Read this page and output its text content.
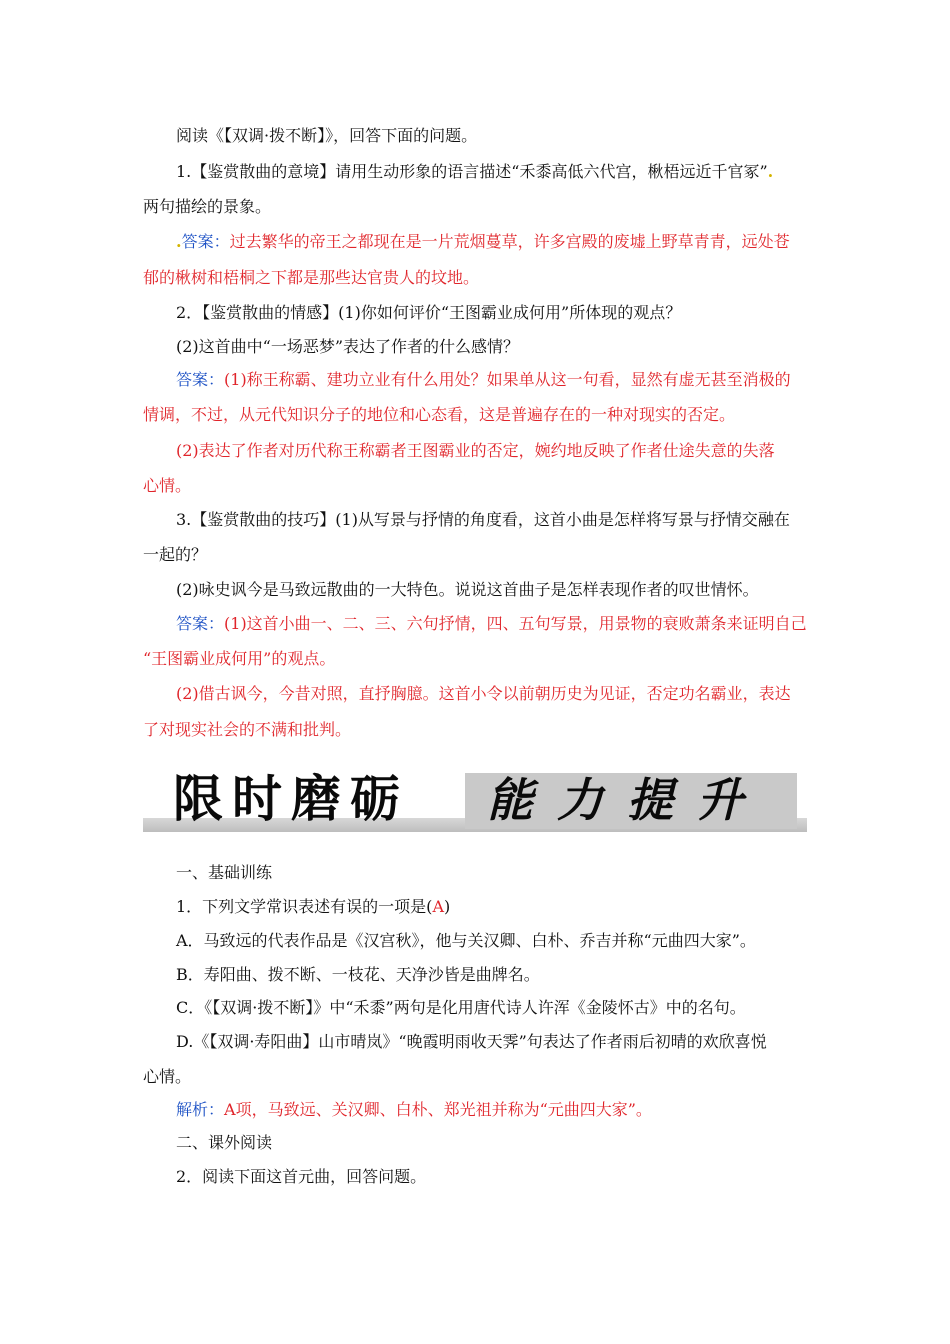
阅读《【双调·拨不断】》，回答下面的问题。
1.【鉴赏散曲的意境】请用生动形象的语言描述“禾黍高低六代宫，楸梧远近千官冢”.
两句描绘的景象。
.答案：过去繁华的帝王之都现在是一片荒烟蔓草，许多宫殿的废墟上野草青青，远处苍
郁的楸树和梧桐之下都是那些达官贵人的坟地。
2．【鉴赏散曲的情感】(1)你如何评价“王图霸业成何用”所体现的观点？
(2)这首曲中“一场恶梦”表达了作者的什么感情？
答案：(1)称王称霸、建功立业有什么用处？如果单从这一句看，显然有虚无甚至消极的
情调，不过，从元代知识分子的地位和心态看，这是普遍存在的一种对现实的否定。
(2)表达了作者对历代称王称霸者王图霸业的否定，婉约地反映了作者仕途失意的失落
心情。
3.【鉴赏散曲的技巧】(1)从写景与抒情的角度看，这首小曲是怎样将写景与抒情交融在
一起的？
(2)咏史讽今是马致远散曲的一大特色。说说这首曲子是怎样表现作者的叹世情怀。
答案：(1)这首小曲一、二、三、六句抒情，四、五句写景，用景物的衰败萧条来证明自己
“王图霸业成何用”的观点。
(2)借古讽今，今昔对照，直抒胸臆。这首小令以前朝历史为见证，否定功名霸业，表达
了对现实社会的不满和批判。
限时磨砺 能力提升
一、基础训练
1．下列文学常识表述有误的一项是(A)
A．马致远的代表作品是《汉宫秋》，他与关汉卿、白朴、乔吉并称“元曲四大家”。
B．寿阳曲、拨不断、一枝花、天净沙皆是曲牌名。
C．《【双调·拨不断】》中“禾黍”两句是化用唐代诗人许浑《金陵怀古》中的名句。
D.《【双调·寿阳曲】山市晴岚》“晚霞明雨收天霁”句表达了作者雨后初晴的欢欣喜悦
心情。
解析：A项，马致远、关汉卿、白朴、郑光祖并称为“元曲四大家”。
二、课外阅读
2．阅读下面这首元曲，回答问题。
